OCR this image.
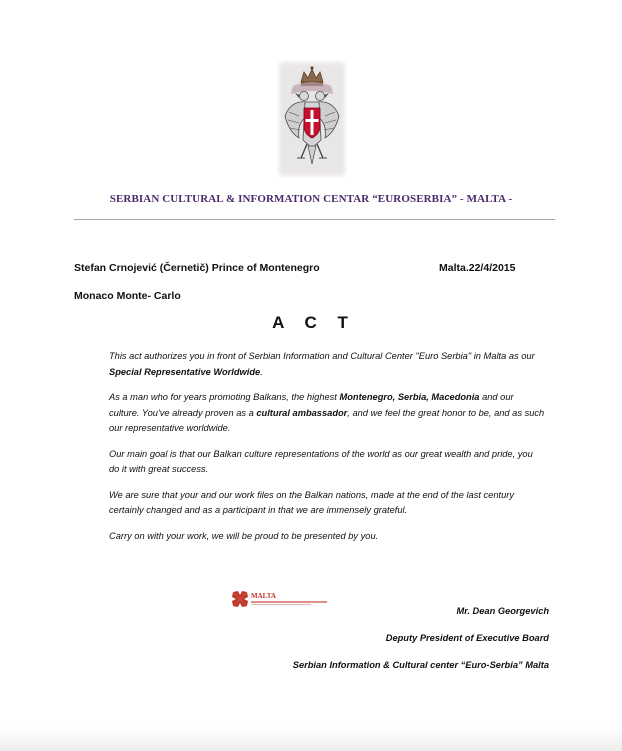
SERBIAN CULTURAL & INFORMATION CENTAR “EUROSERBIA” - MALTA -
Stefan Crnojević (Černetič) Prince of Montenegro	Malta.22/4/2015
Monaco Monte- Carlo
A C T

This act authorizes you in front of Serbian Information and Cultural Center "Euro Serbia" in Malta as our Special Representative Worldwide.

As a man who for years promoting Balkans, the highest Montenegro, Serbia, Macedonia and our culture. You've already proven as a cultural ambassador, and we feel the great honor to be, and as such our representative worldwide.

Our main goal is that our Balkan culture representations of the world as our great wealth and pride, you do it with great success.

We are sure that your and our work files on the Balkan nations, made at the end of the last century certainly changed and as a participant in that we are immensely grateful.

Carry on with your work, we will be proud to be presented by you.

MALTA
Mr. Dean Georgevich
Deputy President of Executive Board
Serbian Information & Cultural center “Euro-Serbia” Malta
